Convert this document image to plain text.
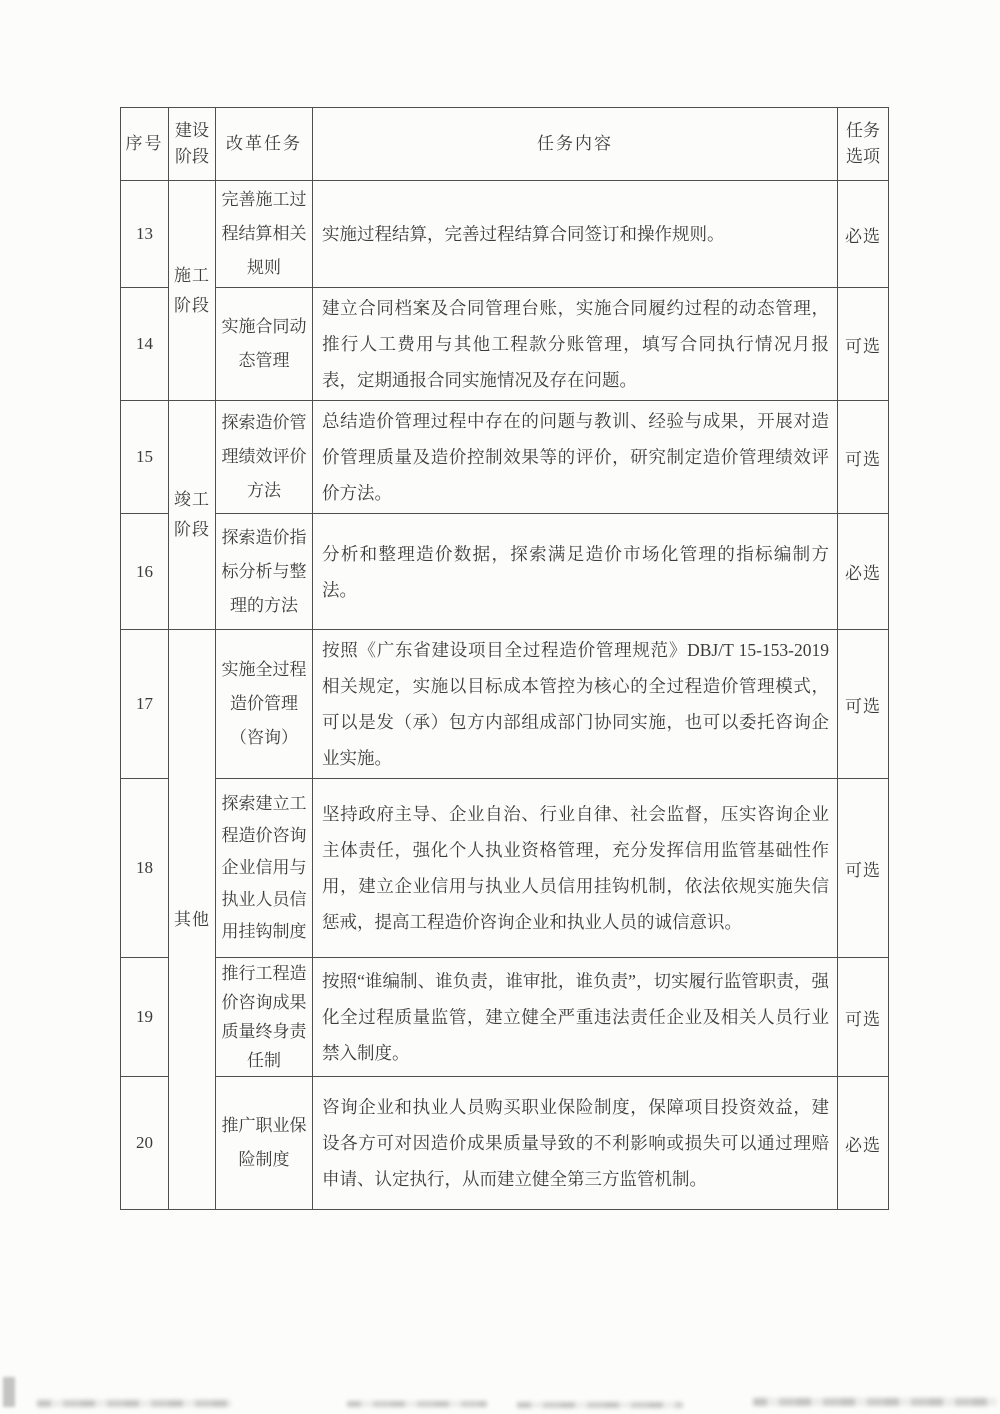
序号	建设阶段	改革任务	任务内容	任务选项
13	施工阶段	完善施工过程结算相关规则	实施过程结算，完善过程结算合同签订和操作规则。	必选
14		实施合同动态管理	建立合同档案及合同管理台账，实施合同履约过程的动态管理，推行人工费用与其他工程款分账管理，填写合同执行情况月报表，定期通报合同实施情况及存在问题。	可选
15	竣工阶段	探索造价管理绩效评价方法	总结造价管理过程中存在的问题与教训、经验与成果，开展对造价管理质量及造价控制效果等的评价，研究制定造价管理绩效评价方法。	可选
16		探索造价指标分析与整理的方法	分析和整理造价数据，探索满足造价市场化管理的指标编制方法。	必选
17	其他	实施全过程造价管理（咨询）	按照《广东省建设项目全过程造价管理规范》DBJ/T 15-153-2019 相关规定，实施以目标成本管控为核心的全过程造价管理模式，可以是发（承）包方内部组成部门协同实施，也可以委托咨询企业实施。	可选
18		探索建立工程造价咨询企业信用与执业人员信用挂钩制度	坚持政府主导、企业自治、行业自律、社会监督，压实咨询企业主体责任，强化个人执业资格管理，充分发挥信用监管基础性作用，建立企业信用与执业人员信用挂钩机制，依法依规实施失信惩戒，提高工程造价咨询企业和执业人员的诚信意识。	可选
19		推行工程造价咨询成果质量终身责任制	按照“谁编制、谁负责，谁审批，谁负责”，切实履行监管职责，强化全过程质量监管，建立健全严重违法责任企业及相关人员行业禁入制度。	可选
20		推广职业保险制度	咨询企业和执业人员购买职业保险制度，保障项目投资效益，建设各方可对因造价成果质量导致的不利影响或损失可以通过理赔申请、认定执行，从而建立健全第三方监管机制。	必选
